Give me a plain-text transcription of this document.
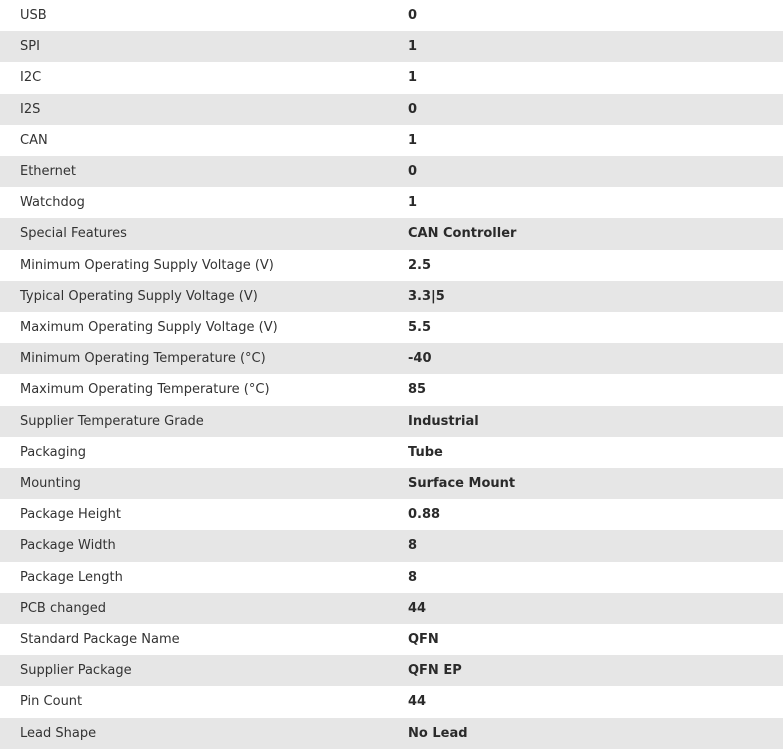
USB	0
SPI	1
I2C	1
I2S	0
CAN	1
Ethernet	0
Watchdog	1
Special Features	CAN Controller
Minimum Operating Supply Voltage (V)	2.5
Typical Operating Supply Voltage (V)	3.3|5
Maximum Operating Supply Voltage (V)	5.5
Minimum Operating Temperature (°C)	-40
Maximum Operating Temperature (°C)	85
Supplier Temperature Grade	Industrial
Packaging	Tube
Mounting	Surface Mount
Package Height	0.88
Package Width	8
Package Length	8
PCB changed	44
Standard Package Name	QFN
Supplier Package	QFN EP
Pin Count	44
Lead Shape	No Lead
